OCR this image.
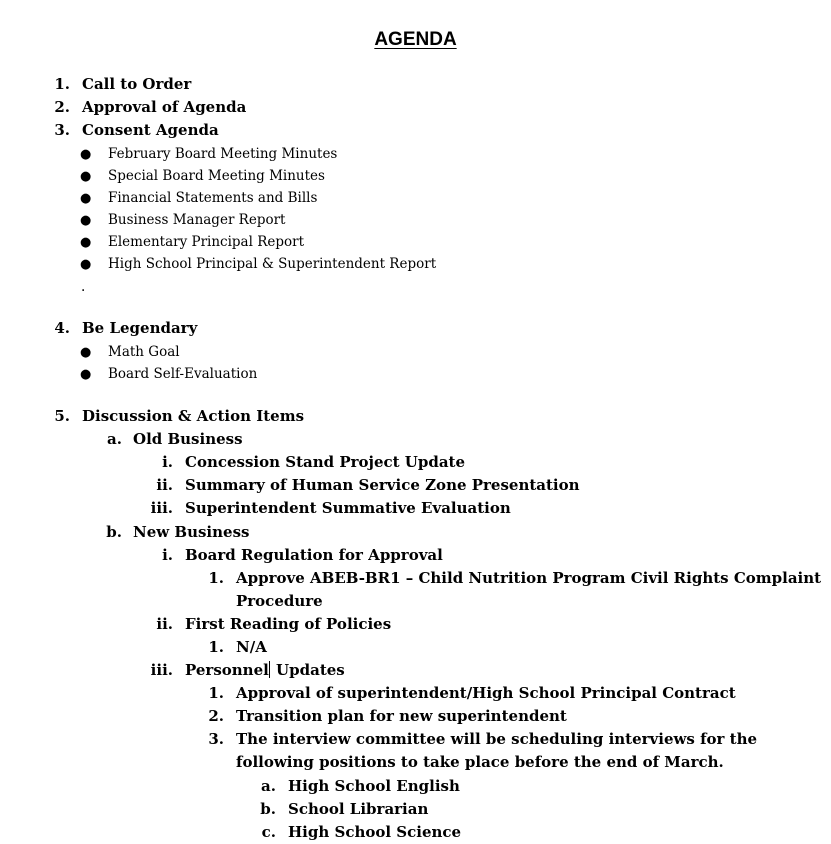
AGENDA
1. Call to Order
2. Approval of Agenda
3. Consent Agenda
● February Board Meeting Minutes
● Special Board Meeting Minutes
● Financial Statements and Bills
● Business Manager Report
● Elementary Principal Report
● High School Principal & Superintendent Report
.
4. Be Legendary
● Math Goal
● Board Self-Evaluation
5. Discussion & Action Items
a. Old Business
i. Concession Stand Project Update
ii. Summary of Human Service Zone Presentation
iii. Superintendent Summative Evaluation
b. New Business
i. Board Regulation for Approval
1. Approve ABEB-BR1 – Child Nutrition Program Civil Rights Complaint
Procedure
ii. First Reading of Policies
1. N/A
iii. Personnel Updates
1. Approval of superintendent/High School Principal Contract
2. Transition plan for new superintendent
3. The interview committee will be scheduling interviews for the
following positions to take place before the end of March.
a. High School English
b. School Librarian
c. High School Science
